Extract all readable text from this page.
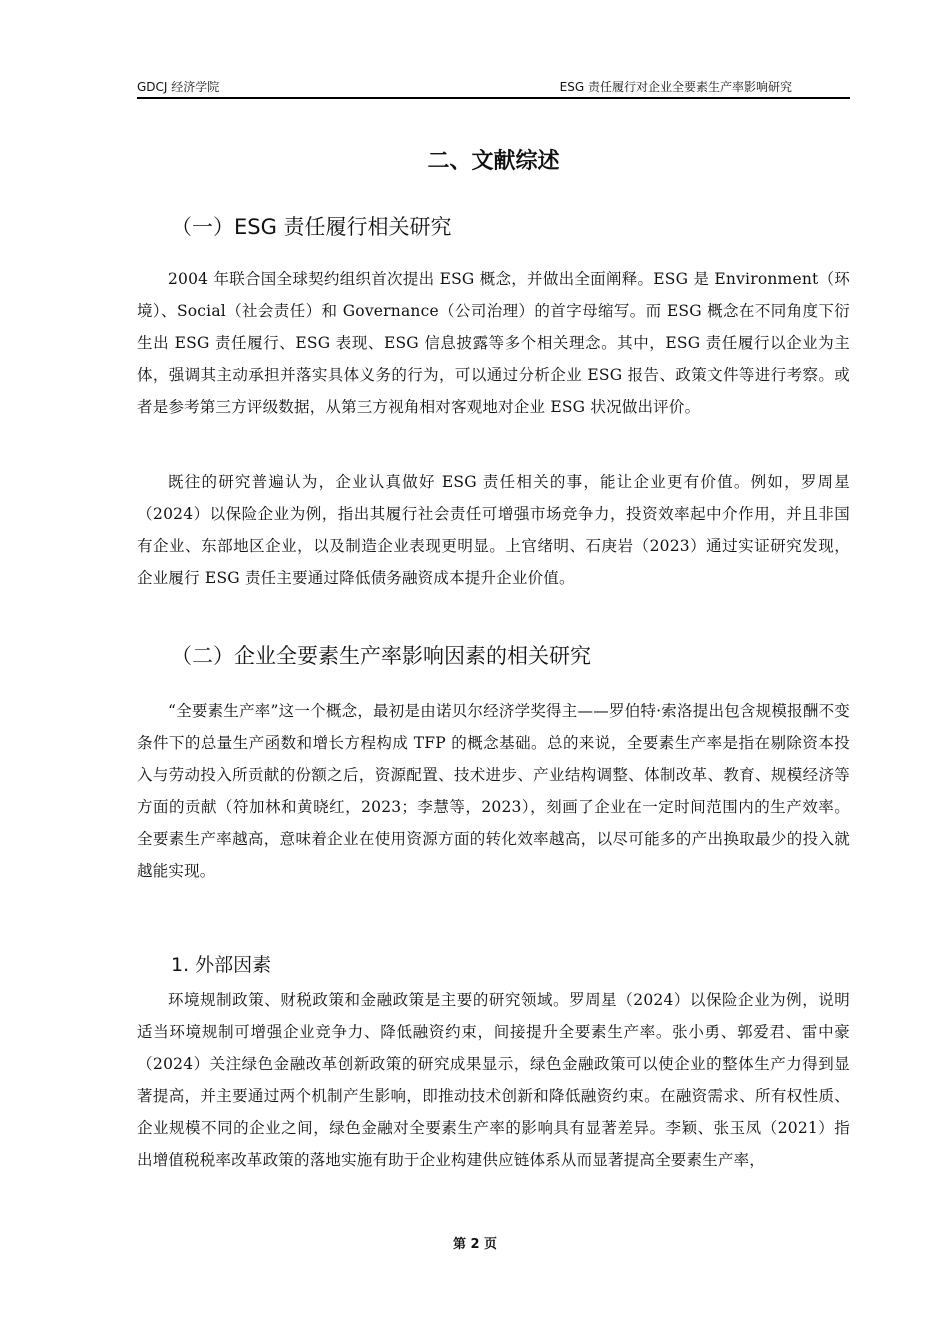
GDCJ 经济学院	ESG 责任履行对企业全要素生产率影响研究
二、文献综述
（一）ESG 责任履行相关研究

2004 年联合国全球契约组织首次提出 ESG 概念，并做出全面阐释。ESG 是 Environment（环境）、Social（社会责任）和 Governance（公司治理）的首字母缩写。而 ESG 概念在不同角度下衍生出 ESG 责任履行、ESG 表现、ESG 信息披露等多个相关理念。其中，ESG 责任履行以企业为主体，强调其主动承担并落实具体义务的行为，可以通过分析企业 ESG 报告、政策文件等进行考察。或者是参考第三方评级数据，从第三方视角相对客观地对企业 ESG 状况做出评价。

既往的研究普遍认为，企业认真做好 ESG 责任相关的事，能让企业更有价值。例如，罗周星（2024）以保险企业为例，指出其履行社会责任可增强市场竞争力，投资效率起中介作用，并且非国有企业、东部地区企业，以及制造企业表现更明显。上官绪明、石庚岩（2023）通过实证研究发现，企业履行 ESG 责任主要通过降低债务融资成本提升企业价值。

（二）企业全要素生产率影响因素的相关研究

“全要素生产率”这一个概念，最初是由诺贝尔经济学奖得主——罗伯特·索洛提出包含规模报酬不变条件下的总量生产函数和增长方程构成 TFP 的概念基础。总的来说，全要素生产率是指在剔除资本投入与劳动投入所贡献的份额之后，资源配置、技术进步、产业结构调整、体制改革、教育、规模经济等方面的贡献（符加林和黄晓红，2023；李慧等，2023），刻画了企业在一定时间范围内的生产效率。全要素生产率越高，意味着企业在使用资源方面的转化效率越高，以尽可能多的产出换取最少的投入就越能实现。

1. 外部因素

环境规制政策、财税政策和金融政策是主要的研究领域。罗周星（2024）以保险企业为例，说明适当环境规制可增强企业竞争力、降低融资约束，间接提升全要素生产率。张小勇、郭爱君、雷中豪（2024）关注绿色金融改革创新政策的研究成果显示，绿色金融政策可以使企业的整体生产力得到显著提高，并主要通过两个机制产生影响，即推动技术创新和降低融资约束。在融资需求、所有权性质、企业规模不同的企业之间，绿色金融对全要素生产率的影响具有显著差异。李颖、张玉凤（2021）指出增值税税率改革政策的落地实施有助于企业构建供应链体系从而显著提高全要素生产率，

第 2 页
